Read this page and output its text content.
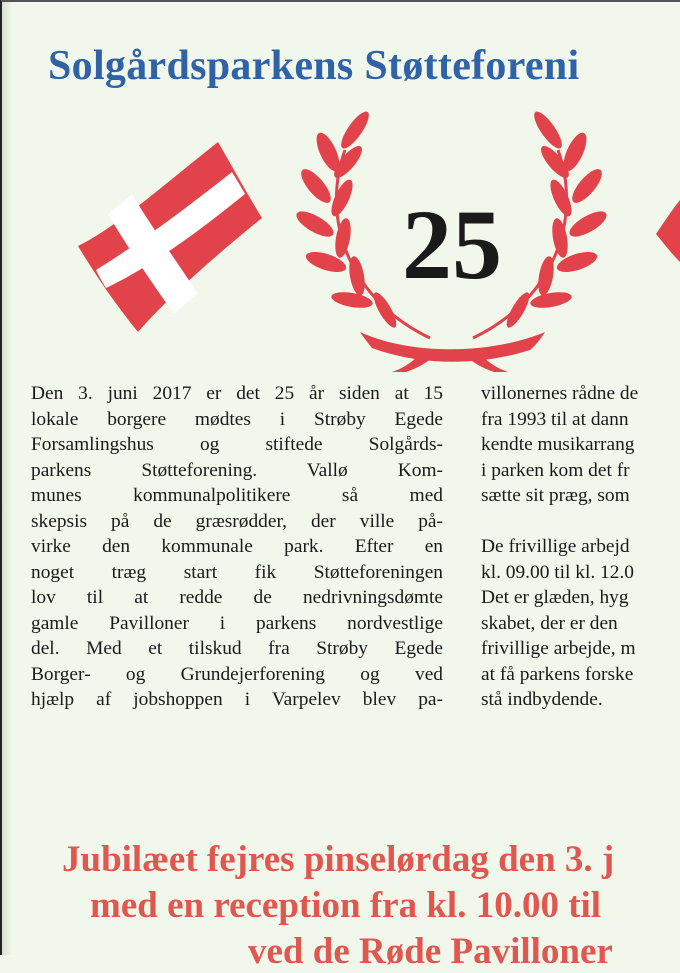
Solgårdsparkens Støtteforeni
25
Den 3. juni 2017 er det 25 år siden at 15
lokale borgere mødtes i Strøby Egede
Forsamlingshus og stiftede Solgårds-
parkens Støtteforening. Vallø Kom-
munes kommunalpolitikere så med
skepsis på de græsrødder, der ville på-
virke den kommunale park. Efter en
noget træg start fik Støtteforeningen
lov til at redde de nedrivningsdømte
gamle Pavilloner i parkens nordvestlige
del. Med et tilskud fra Strøby Egede
Borger- og Grundejerforening og ved
hjælp af jobshoppen i Varpelev blev pa-
villonernes rådne de
fra 1993 til at dann
kendte musikarrang
i parken kom det fr
sætte sit præg, som
De frivillige arbejd
kl. 09.00 til kl. 12.0
Det er glæden, hyg
skabet, der er den
frivillige arbejde, m
at få parkens forske
stå indbydende.

Jubilæet fejres pinselørdag den 3. j

med en reception fra kl. 10.00 til

ved de Røde Pavilloner
